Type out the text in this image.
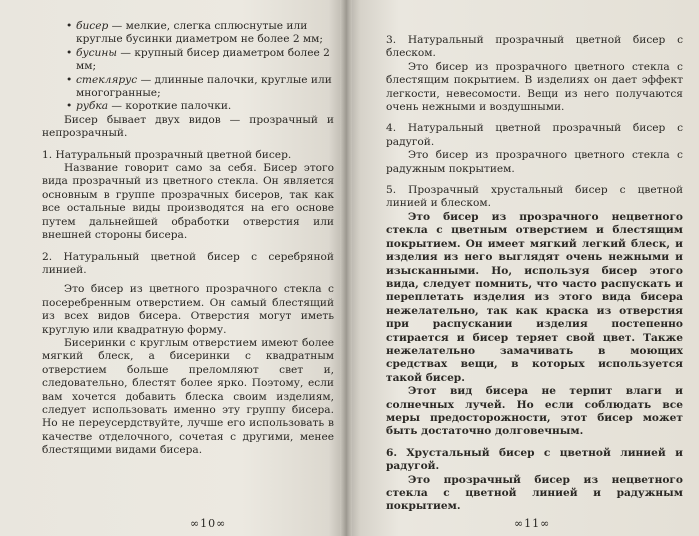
• бисер — мелкие, слегка сплюснутые или круглые бусинки диаметром не более 2 мм;
• бусины — крупный бисер диаметром более 2 мм;
• стеклярус — длинные палочки, круглые или многогранные;
• рубка — короткие палочки.

Бисер бывает двух видов — прозрачный и непрозрачный.

1. Натуральный прозрачный цветной бисер.

Название говорит само за себя. Бисер этого вида прозрачный из цветного стекла. Он является основным в группе прозрачных бисеров, так как все остальные виды производятся на его основе путем дальнейшей обработки отверстия или внешней стороны бисера.

2. Натуральный цветной бисер с серебряной линией.

Это бисер из цветного прозрачного стекла с посеребренным отверстием. Он самый блестящий из всех видов бисера. Отверстия могут иметь круглую или квадратную форму.

Бисеринки с круглым отверстием имеют более мягкий блеск, а бисеринки с квадратным отверстием больше преломляют свет и, следовательно, блестят более ярко. Поэтому, если вам хочется добавить блеска своим изделиям, следует использовать именно эту группу бисера. Но не переусердствуйте, лучше его использовать в качестве отделочного, сочетая с другими, менее блестящими видами бисера.

∞10∞

3. Натуральный прозрачный цветной бисер с блеском.

Это бисер из прозрачного цветного стекла с блестящим покрытием. В изделиях он дает эффект легкости, невесомости. Вещи из него получаются очень нежными и воздушными.

4. Натуральный цветной прозрачный бисер с радугой.

Это бисер из прозрачного цветного стекла с радужным покрытием.

5. Прозрачный хрустальный бисер с цветной линией и блеском.

Это бисер из прозрачного нецветного стекла с цветным отверстием и блестящим покрытием. Он имеет мягкий легкий блеск, и изделия из него выглядят очень нежными и изысканными. Но, используя бисер этого вида, следует помнить, что часто распускать и переплетать изделия из этого вида бисера нежелательно, так как краска из отверстия при распускании изделия постепенно стирается и бисер теряет свой цвет. Также нежелательно замачивать в моющих средствах вещи, в которых используется такой бисер.

Этот вид бисера не терпит влаги и солнечных лучей. Но если соблюдать все меры предосторожности, этот бисер может быть достаточно долговечным.

6. Хрустальный бисер с цветной линией и радугой.

Это прозрачный бисер из нецветного стекла с цветной линией и радужным покрытием.

∞11∞
